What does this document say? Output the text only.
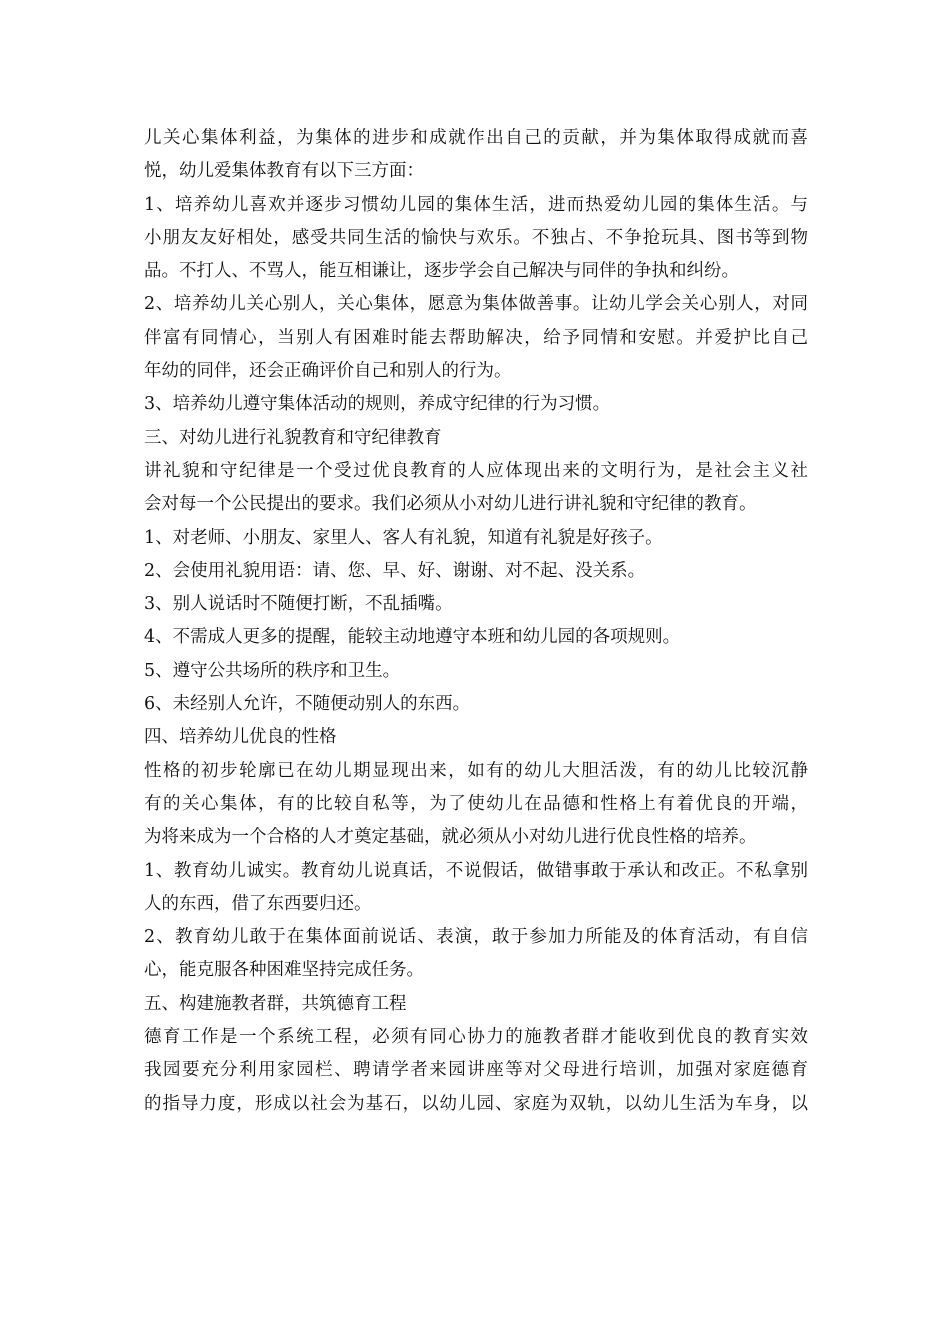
儿关心集体利益，为集体的进步和成就作出自己的贡献，并为集体取得成就而喜
悦，幼儿爱集体教育有以下三方面：
1、培养幼儿喜欢并逐步习惯幼儿园的集体生活，进而热爱幼儿园的集体生活。与
小朋友友好相处，感受共同生活的愉快与欢乐。不独占、不争抢玩具、图书等到物
品。不打人、不骂人，能互相谦让，逐步学会自己解决与同伴的争执和纠纷。
2、培养幼儿关心别人，关心集体，愿意为集体做善事。让幼儿学会关心别人，对同
伴富有同情心，当别人有困难时能去帮助解决，给予同情和安慰。并爱护比自己
年幼的同伴，还会正确评价自己和别人的行为。
3、培养幼儿遵守集体活动的规则，养成守纪律的行为习惯。
三、对幼儿进行礼貌教育和守纪律教育
讲礼貌和守纪律是一个受过优良教育的人应体现出来的文明行为，是社会主义社
会对每一个公民提出的要求。我们必须从小对幼儿进行讲礼貌和守纪律的教育。
1、对老师、小朋友、家里人、客人有礼貌，知道有礼貌是好孩子。
2、会使用礼貌用语：请、您、早、好、谢谢、对不起、没关系。
3、别人说话时不随便打断，不乱插嘴。
4、不需成人更多的提醒，能较主动地遵守本班和幼儿园的各项规则。
5、遵守公共场所的秩序和卫生。
6、未经别人允许，不随便动别人的东西。
四、培养幼儿优良的性格
性格的初步轮廓已在幼儿期显现出来，如有的幼儿大胆活泼，有的幼儿比较沉静
有的关心集体，有的比较自私等，为了使幼儿在品德和性格上有着优良的开端，
为将来成为一个合格的人才奠定基础，就必须从小对幼儿进行优良性格的培养。
1、教育幼儿诚实。教育幼儿说真话，不说假话，做错事敢于承认和改正。不私拿别
人的东西，借了东西要归还。
2、教育幼儿敢于在集体面前说话、表演，敢于参加力所能及的体育活动，有自信
心，能克服各种困难坚持完成任务。
五、构建施教者群，共筑德育工程
德育工作是一个系统工程，必须有同心协力的施教者群才能收到优良的教育实效
我园要充分利用家园栏、聘请学者来园讲座等对父母进行培训，加强对家庭德育
的指导力度，形成以社会为基石，以幼儿园、家庭为双轨，以幼儿生活为车身，以
